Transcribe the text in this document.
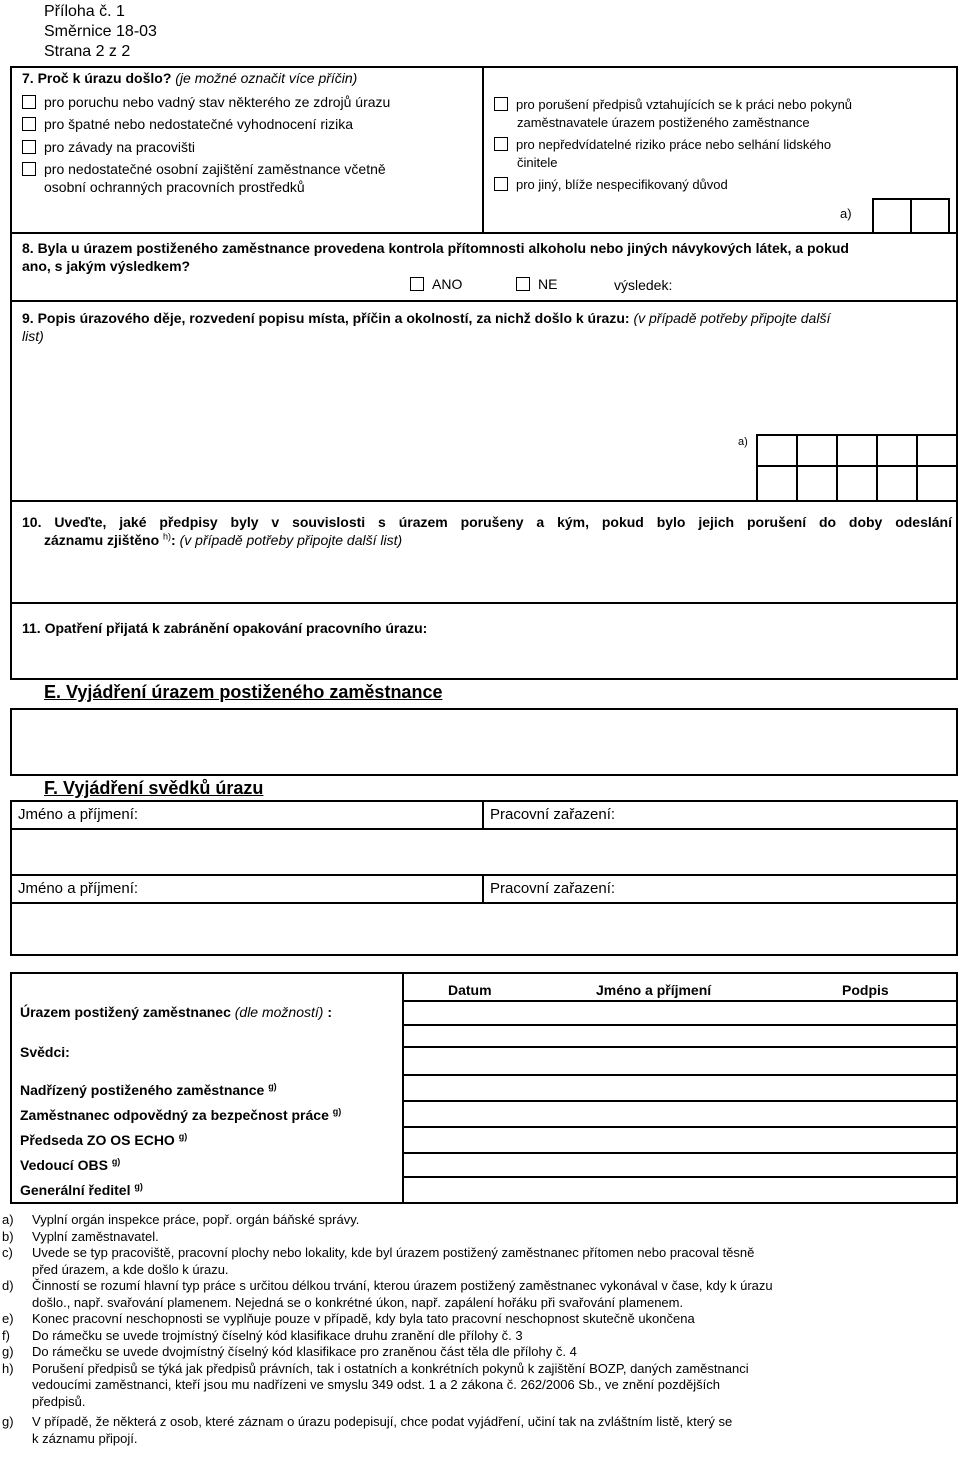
Příloha č. 1
Směrnice 18-03
Strana 2 z 2
7. Proč k úrazu došlo? (je možné označit více příčin)
pro poruchu nebo vadný stav některého ze zdrojů úrazu
pro špatné nebo nedostatečné vyhodnocení rizika
pro závady na pracovišti
pro nedostatečné osobní zajištění zaměstnance včetně
osobní ochranných pracovních prostředků
pro porušení předpisů vztahujících se k práci nebo pokynů
zaměstnavatele úrazem postiženého zaměstnance
pro nepředvídatelné riziko práce nebo selhání lidského
činitele
pro jiný, blíže nespecifikovaný důvod
a)
8. Byla u úrazem postiženého zaměstnance provedena kontrola přítomnosti alkoholu nebo jiných návykových látek, a pokud
ano, s jakým výsledkem?
ANO	NE	výsledek:
9. Popis úrazového děje, rozvedení popisu místa, příčin a okolností, za nichž došlo k úrazu: (v případě potřeby připojte další
list)
a)
10. Uveďte, jaké předpisy byly v souvislosti s úrazem porušeny a kým, pokud bylo jejich porušení do doby odeslání
záznamu zjištěno $^{h)}$: (v případě potřeby připojte další list)
11. Opatření přijatá k zabránění opakování pracovního úrazu:
E. Vyjádření úrazem postiženého zaměstnance
F. Vyjádření svědků úrazu
Jméno a příjmení:	Pracovní zařazení:
Jméno a příjmení:	Pracovní zařazení:
Datum	Jméno a příjmení	Podpis
Úrazem postižený zaměstnanec (dle možností) :
Svědci:
Nadřízený postiženého zaměstnance $^{g)}$
Zaměstnanec odpovědný za bezpečnost práce $^{g)}$
Předseda ZO OS ECHO $^{g)}$
Vedoucí OBS $^{g)}$
Generální ředitel $^{g)}$
a) Vyplní orgán inspekce práce, popř. orgán báňské správy.
b) Vyplní zaměstnavatel.
c) Uvede se typ pracoviště, pracovní plochy nebo lokality, kde byl úrazem postižený zaměstnanec přítomen nebo pracoval těsně
před úrazem, a kde došlo k úrazu.
d) Činností se rozumí hlavní typ práce s určitou délkou trvání, kterou úrazem postižený zaměstnanec vykonával v čase, kdy k úrazu
došlo., např. svařování plamenem. Nejedná se o konkrétné úkon, např. zapálení hořáku při svařování plamenem.
e) Konec pracovní neschopnosti se vyplňuje pouze v případě, kdy byla tato pracovní neschopnost skutečně ukončena
f) Do rámečku se uvede trojmístný číselný kód klasifikace druhu zranění dle přílohy č. 3
g) Do rámečku se uvede dvojmístný číselný kód klasifikace pro zraněnou část těla dle přílohy č. 4
h) Porušení předpisů se týká jak předpisů právních, tak i ostatních a konkrétních pokynů k zajištění BOZP, daných zaměstnanci
vedoucími zaměstnanci, kteří jsou mu nadřízeni ve smyslu 349 odst. 1 a 2 zákona č. 262/2006 Sb., ve znění pozdějších
předpisů.
g) V případě, že některá z osob, které záznam o úrazu podepisují, chce podat vyjádření, učiní tak na zvláštním listě, který se
k záznamu připojí.
